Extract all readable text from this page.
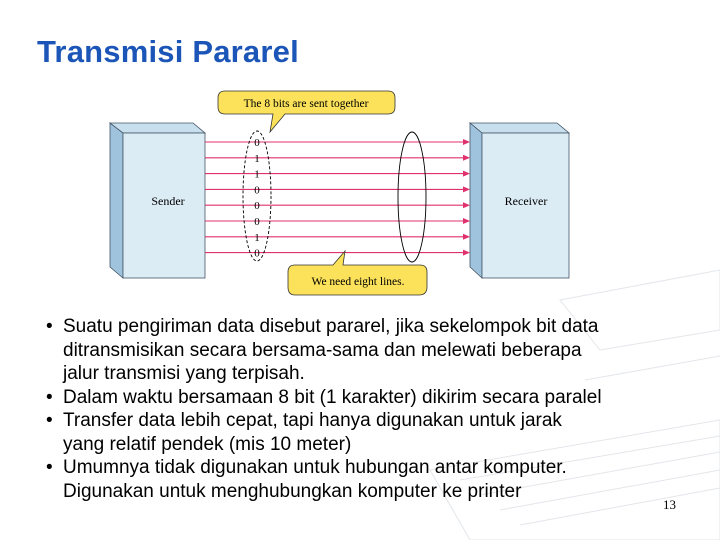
Transmisi Pararel
Sender	Receiver
0
1
1
0
0
0
1
0
The 8 bits are sent together
We need eight lines.
• Suatu pengiriman data disebut pararel, jika sekelompok bit data
ditransmisikan secara bersama-sama dan melewati beberapa
jalur transmisi yang terpisah.
• Dalam waktu bersamaan 8 bit (1 karakter) dikirim secara paralel
• Transfer data lebih cepat, tapi hanya digunakan untuk jarak
yang relatif pendek (mis 10 meter)
• Umumnya tidak digunakan untuk hubungan antar komputer.
Digunakan untuk menghubungkan komputer ke printer
13
